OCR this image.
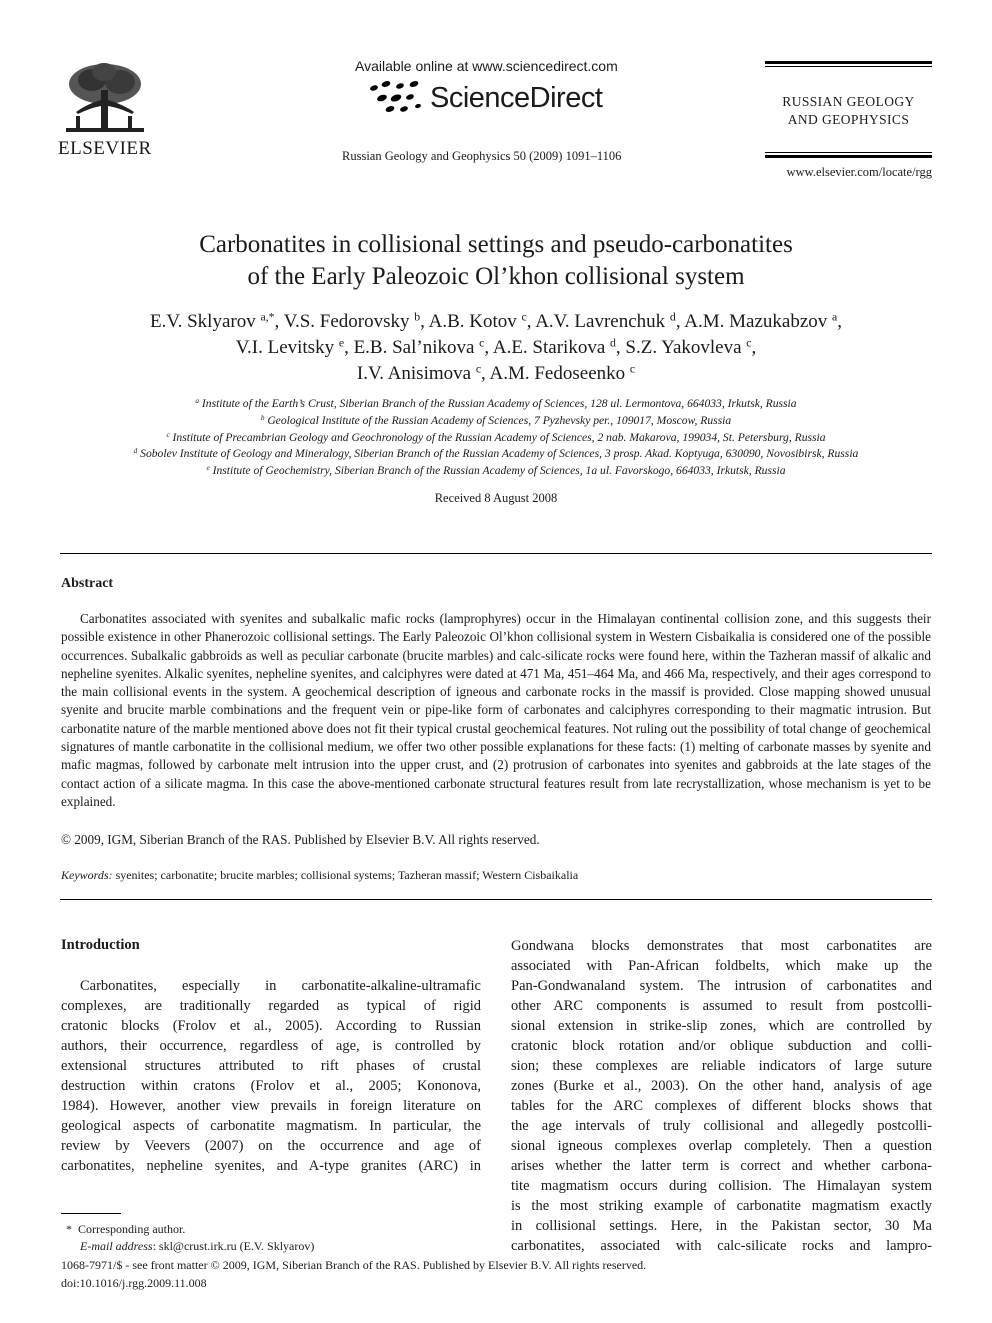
ELSEVIER
Available online at www.sciencedirect.com
ScienceDirect
Russian Geology and Geophysics 50 (2009) 1091–1106
RUSSIAN GEOLOGY
AND GEOPHYSICS
www.elsevier.com/locate/rgg
Carbonatites in collisional settings and pseudo-carbonatites
of the Early Paleozoic Ol’khon collisional system
E.V. Sklyarov $^{a,*}$, V.S. Fedorovsky $^b$, A.B. Kotov $^c$, A.V. Lavrenchuk $^d$, A.M. Mazukabzov $^a$,
V.I. Levitsky $^e$, E.B. Sal’nikova $^c$, A.E. Starikova $^d$, S.Z. Yakovleva $^c$,
I.V. Anisimova $^c$, A.M. Fedoseenko $^c$
$^a$ Institute of the Earth’s Crust, Siberian Branch of the Russian Academy of Sciences, 128 ul. Lermontova, 664033, Irkutsk, Russia
$^b$ Geological Institute of the Russian Academy of Sciences, 7 Pyzhevsky per., 109017, Moscow, Russia
$^c$ Institute of Precambrian Geology and Geochronology of the Russian Academy of Sciences, 2 nab. Makarova, 199034, St. Petersburg, Russia
$^d$ Sobolev Institute of Geology and Mineralogy, Siberian Branch of the Russian Academy of Sciences, 3 prosp. Akad. Koptyuga, 630090, Novosibirsk, Russia
$^e$ Institute of Geochemistry, Siberian Branch of the Russian Academy of Sciences, 1a ul. Favorskogo, 664033, Irkutsk, Russia
Received 8 August 2008
Abstract

Carbonatites associated with syenites and subalkalic mafic rocks (lamprophyres) occur in the Himalayan continental collision zone, and this suggests their possible existence in other Phanerozoic collisional settings. The Early Paleozoic Ol’khon collisional system in Western Cisbaikalia is considered one of the possible occurrences. Subalkalic gabbroids as well as peculiar carbonate (brucite marbles) and calc-silicate rocks were found here, within the Tazheran massif of alkalic and nepheline syenites. Alkalic syenites, nepheline syenites, and calciphyres were dated at 471 Ma, 451–464 Ma, and 466 Ma, respectively, and their ages correspond to the main collisional events in the system. A geochemical description of igneous and carbonate rocks in the massif is provided. Close mapping showed unusual syenite and brucite marble combinations and the frequent vein or pipe-like form of carbonates and calciphyres corresponding to their magmatic intrusion. But carbonatite nature of the marble mentioned above does not fit their typical crustal geochemical features. Not ruling out the possibility of total change of geochemical signatures of mantle carbonatite in the collisional medium, we offer two other possible explanations for these facts: (1) melting of carbonate masses by syenite and mafic magmas, followed by carbonate melt intrusion into the upper crust, and (2) protrusion of carbonates into syenites and gabbroids at the late stages of the contact action of a silicate magma. In this case the above-mentioned carbonate structural features result from late recrystallization, whose mechanism is yet to be explained.

© 2009, IGM, Siberian Branch of the RAS. Published by Elsevier B.V. All rights reserved.
Keywords: syenites; carbonatite; brucite marbles; collisional systems; Tazheran massif; Western Cisbaikalia
Introduction
Carbonatites, especially in carbonatite-alkaline-ultramafic
complexes, are traditionally regarded as typical of rigid
cratonic blocks (Frolov et al., 2005). According to Russian
authors, their occurrence, regardless of age, is controlled by
extensional structures attributed to rift phases of crustal
destruction within cratons (Frolov et al., 2005; Kononova,
1984). However, another view prevails in foreign literature on
geological aspects of carbonatite magmatism. In particular, the
review by Veevers (2007) on the occurrence and age of
carbonatites, nepheline syenites, and A-type granites (ARC) in
Gondwana blocks demonstrates that most carbonatites are
associated with Pan-African foldbelts, which make up the
Pan-Gondwanaland system. The intrusion of carbonatites and
other ARC components is assumed to result from postcolli-
sional extension in strike-slip zones, which are controlled by
cratonic block rotation and/or oblique subduction and colli-
sion; these complexes are reliable indicators of large suture
zones (Burke et al., 2003). On the other hand, analysis of age
tables for the ARC complexes of different blocks shows that
the age intervals of truly collisional and allegedly postcolli-
sional igneous complexes overlap completely. Then a question
arises whether the latter term is correct and whether carbona-
tite magmatism occurs during collision. The Himalayan system
is the most striking example of carbonatite magmatism exactly
in collisional settings. Here, in the Pakistan sector, 30 Ma
carbonatites, associated with calc-silicate rocks and lampro-
* Corresponding author.
E-mail address: skl@crust.irk.ru (E.V. Sklyarov)
1068-7971/$ - see front matter © 2009, IGM, Siberian Branch of the RAS. Published by Elsevier B.V. All rights reserved.
doi:10.1016/j.rgg.2009.11.008
